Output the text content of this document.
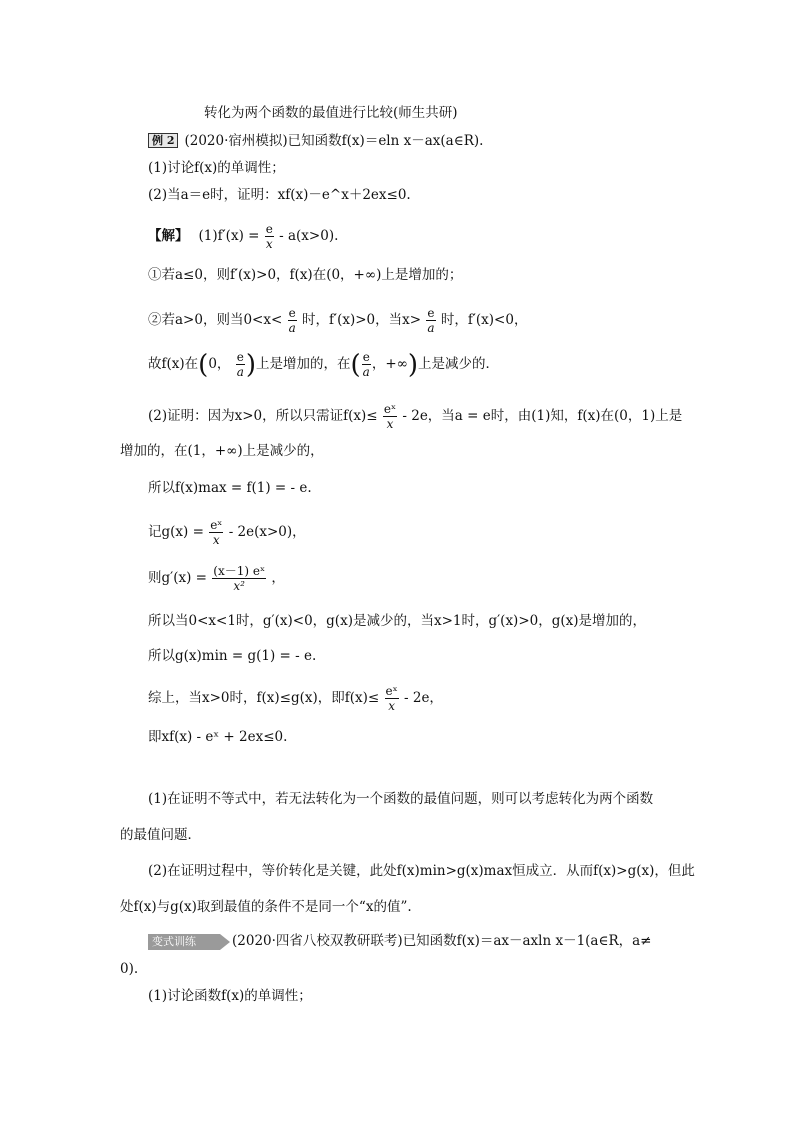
转化为两个函数的最值进行比较(师生共研)
例 2 (2020·宿州模拟)已知函数f(x)＝eln x－ax(a∈R).
(1)讨论f(x)的单调性；
(2)当a＝e时，证明：xf(x)－e^x＋2ex≤0.
【解】 $(1)f'(x) = \frac{e}{x} - a(x>0)$.
①若a≤0，则f′(x)>0，f(x)在(0，+∞)上是增加的；
②若a>0，则当$0<x< \frac{e}{a}$ 时，f′(x)>0，当$x> \frac{e}{a}$ 时，f′(x)<0，
故f(x)在(0， $\frac{e}{a}$ )上是增加的，在( $\frac{e}{a}$ ，+∞)上是减少的．
(2)证明：因为x>0，所以只需证$f(x)\le \frac{\text{eˣ}}{x} - 2e$，当a = e时，由(1)知，f(x)在(0，1)上是
增加的，在(1，+∞)上是减少的，
所以f(x)max = f(1) = - e.
记$g(x) = \frac{\text{eˣ}}{x} - 2e(x>0)$，
则$g'(x) = \frac{\text{(x－1) eˣ}}{\text{x²}}$ ，
所以当0<x<1时，g′(x)<0，g(x)是减少的，当x>1时，g′(x)>0，g(x)是增加的，
所以g(x)min = g(1) = - e.
综上，当x>0时，f(x)≤g(x)，即$f(x)\le \frac{\text{eˣ}}{x} - 2e$，
即xf(x) - eˣ + 2ex≤0.
(1)在证明不等式中，若无法转化为一个函数的最值问题，则可以考虑转化为两个函数
的最值问题．
(2)在证明过程中，等价转化是关键，此处f(x)min>g(x)max恒成立．从而f(x)>g(x)，但此
处f(x)与g(x)取到最值的条件不是同一个“x的值”.
变式训练	(2020·四省八校双教研联考)已知函数f(x)＝ax－axln x－1(a∈R，a≠
0).
(1)讨论函数f(x)的单调性；
